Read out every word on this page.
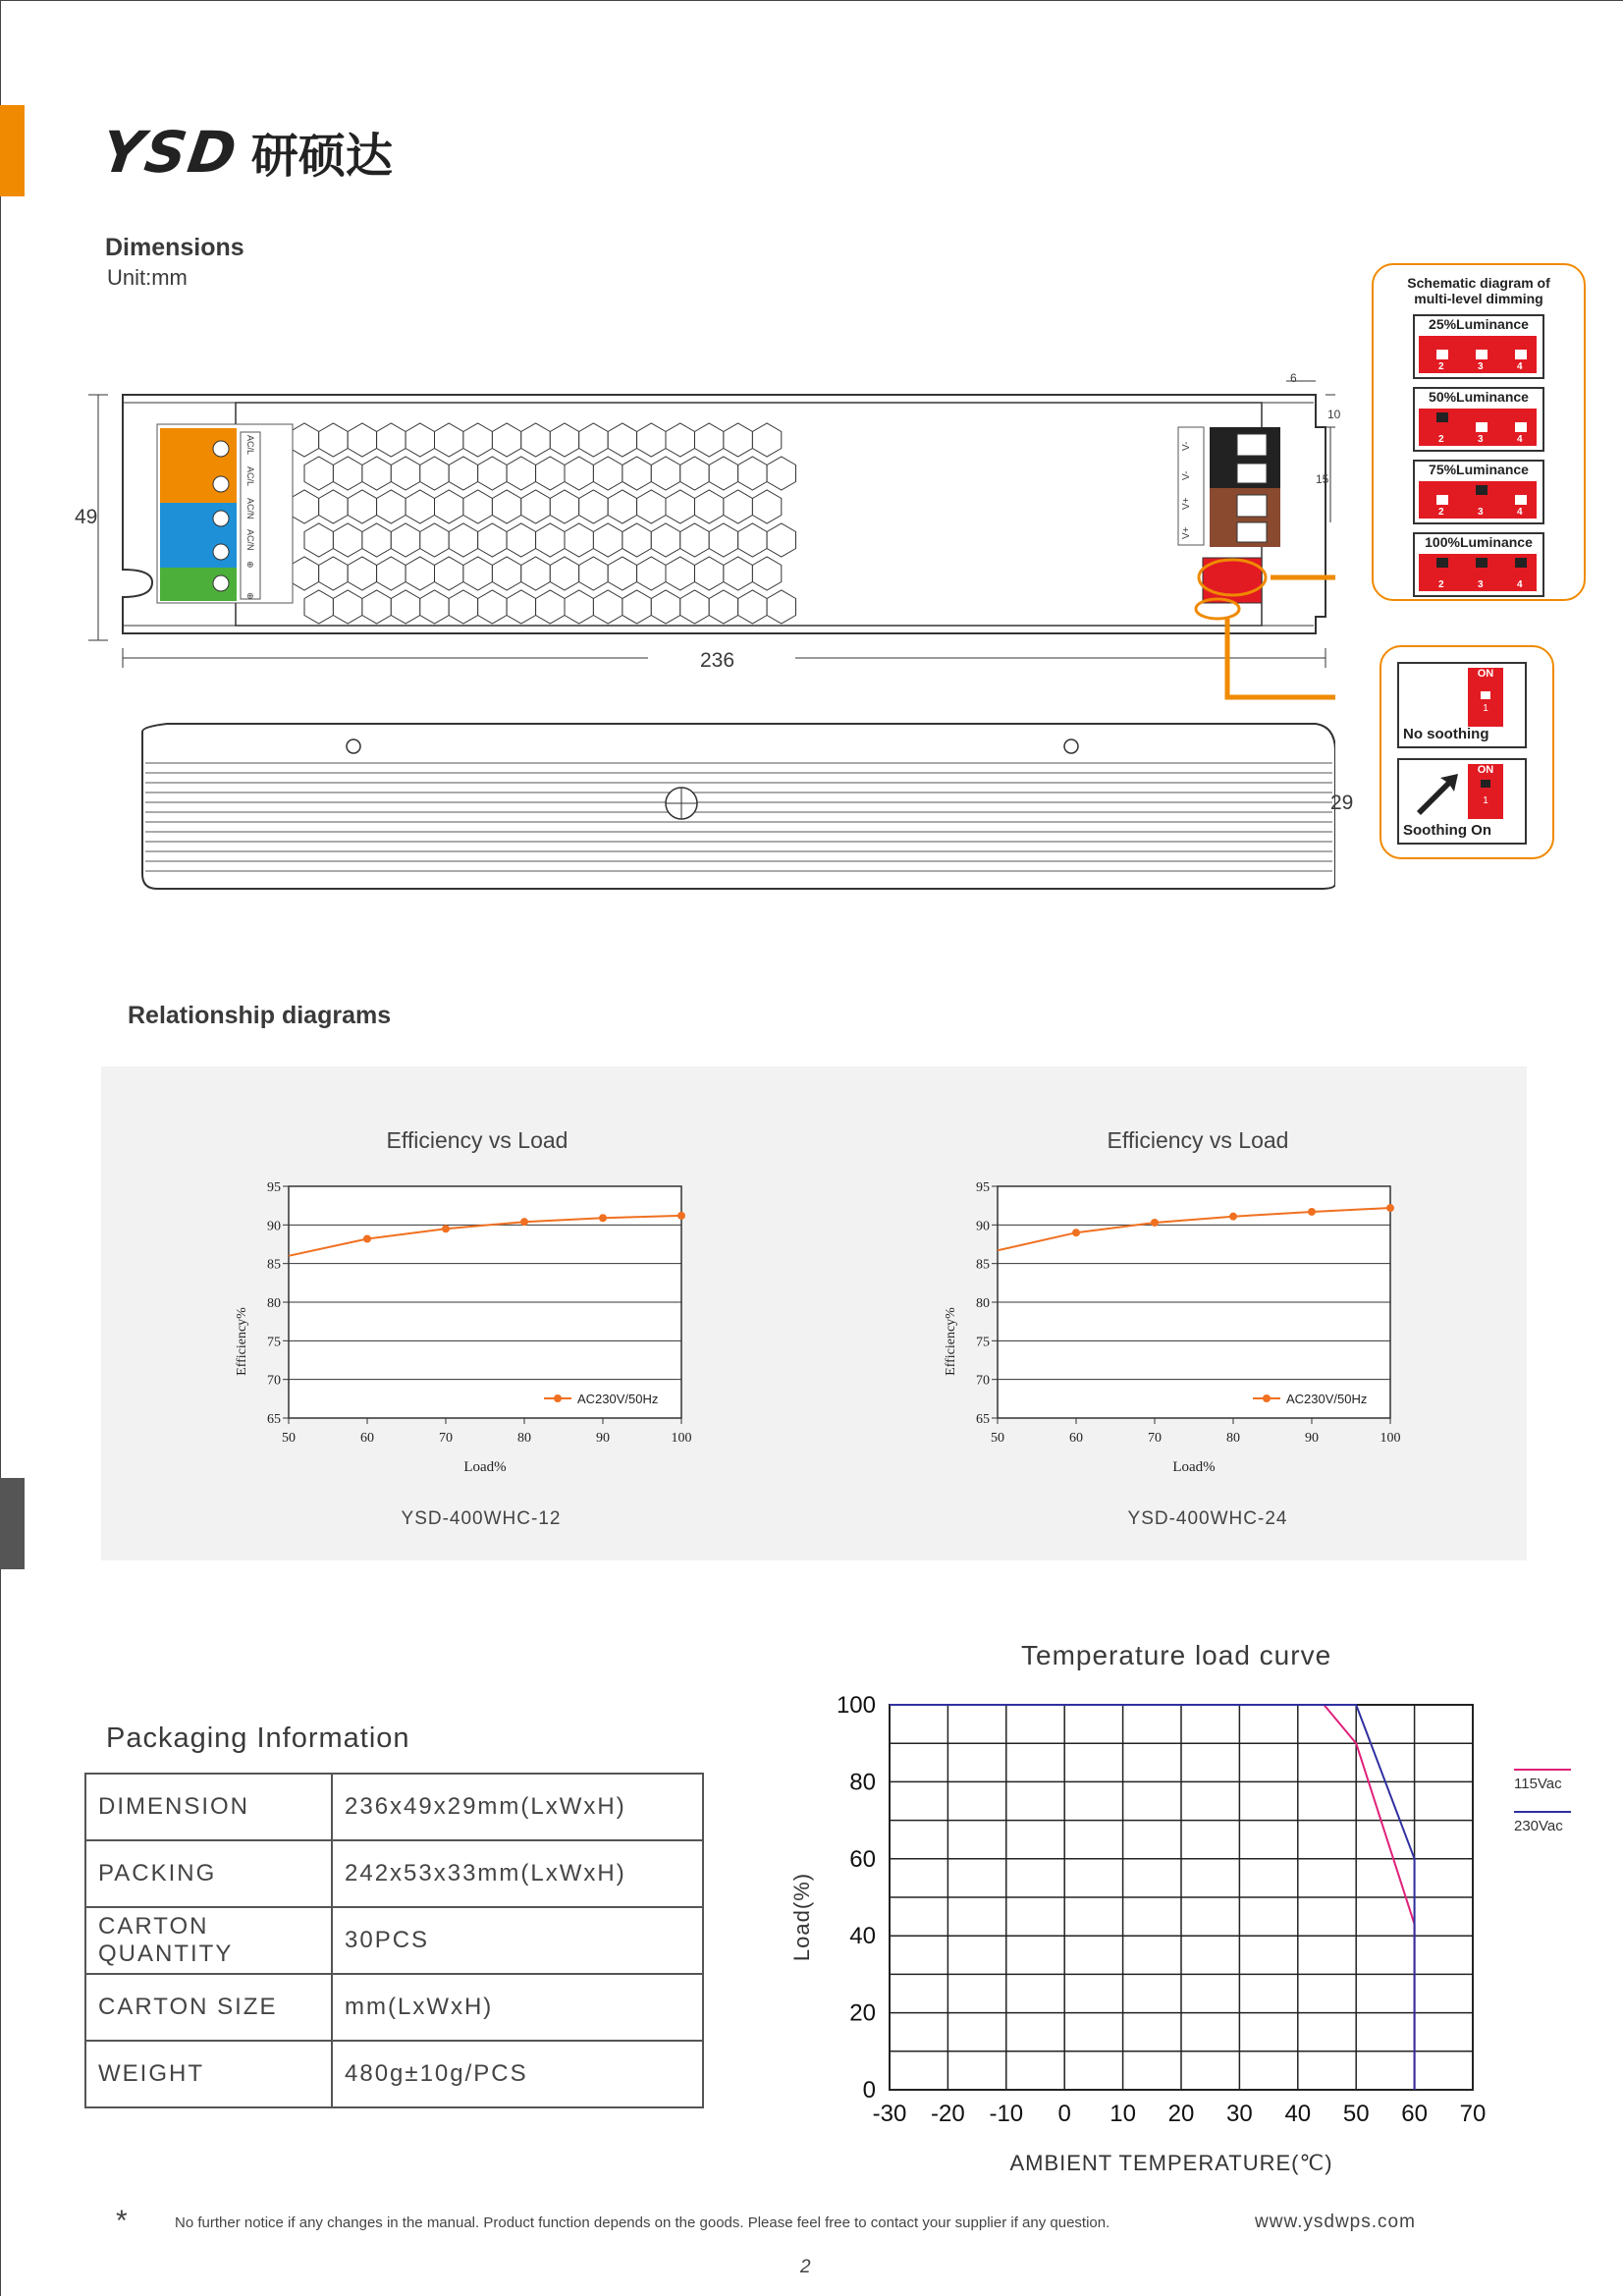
YSD 研硕达
Dimensions
Unit:mm
49
236
29
6
10
15
AC/L
AC/L
AC/N
AC/N
⊕
⊕
V-
V-
V+
V+
Schematic diagram of
multi-level dimming
25%Luminance
2	3	4
50%Luminance
2	3	4
75%Luminance
2	3	4
100%Luminance
2	3	4
ON
1
No soothing
ON
1
Soothing On
Relationship diagrams
Efficiency vs Load	Efficiency vs Load
95
90
85
80
75
70
65
50	60	70	80	90	100
Load%
Efficiency%
AC230V/50Hz
95
90
85
80
75
70
65
50	60	70	80	90	100
Load%
Efficiency%
AC230V/50Hz
YSD-400WHC-12	YSD-400WHC-24
Temperature load curve
100
80
60
40
20
0
-30 -20 -10 0 10 20 30 40 50 60 70
AMBIENT TEMPERATURE(℃)
Load(%)
115Vac
230Vac
Packaging Information
DIMENSION	236x49x29mm(LxWxH)
PACKING	242x53x33mm(LxWxH)
CARTON QUANTITY	30PCS
CARTON SIZE	mm(LxWxH)
WEIGHT	480g±10g/PCS
*	No further notice if any changes in the manual. Product function depends on the goods. Please feel free to contact your supplier if any question.	www.ysdwps.com
2
